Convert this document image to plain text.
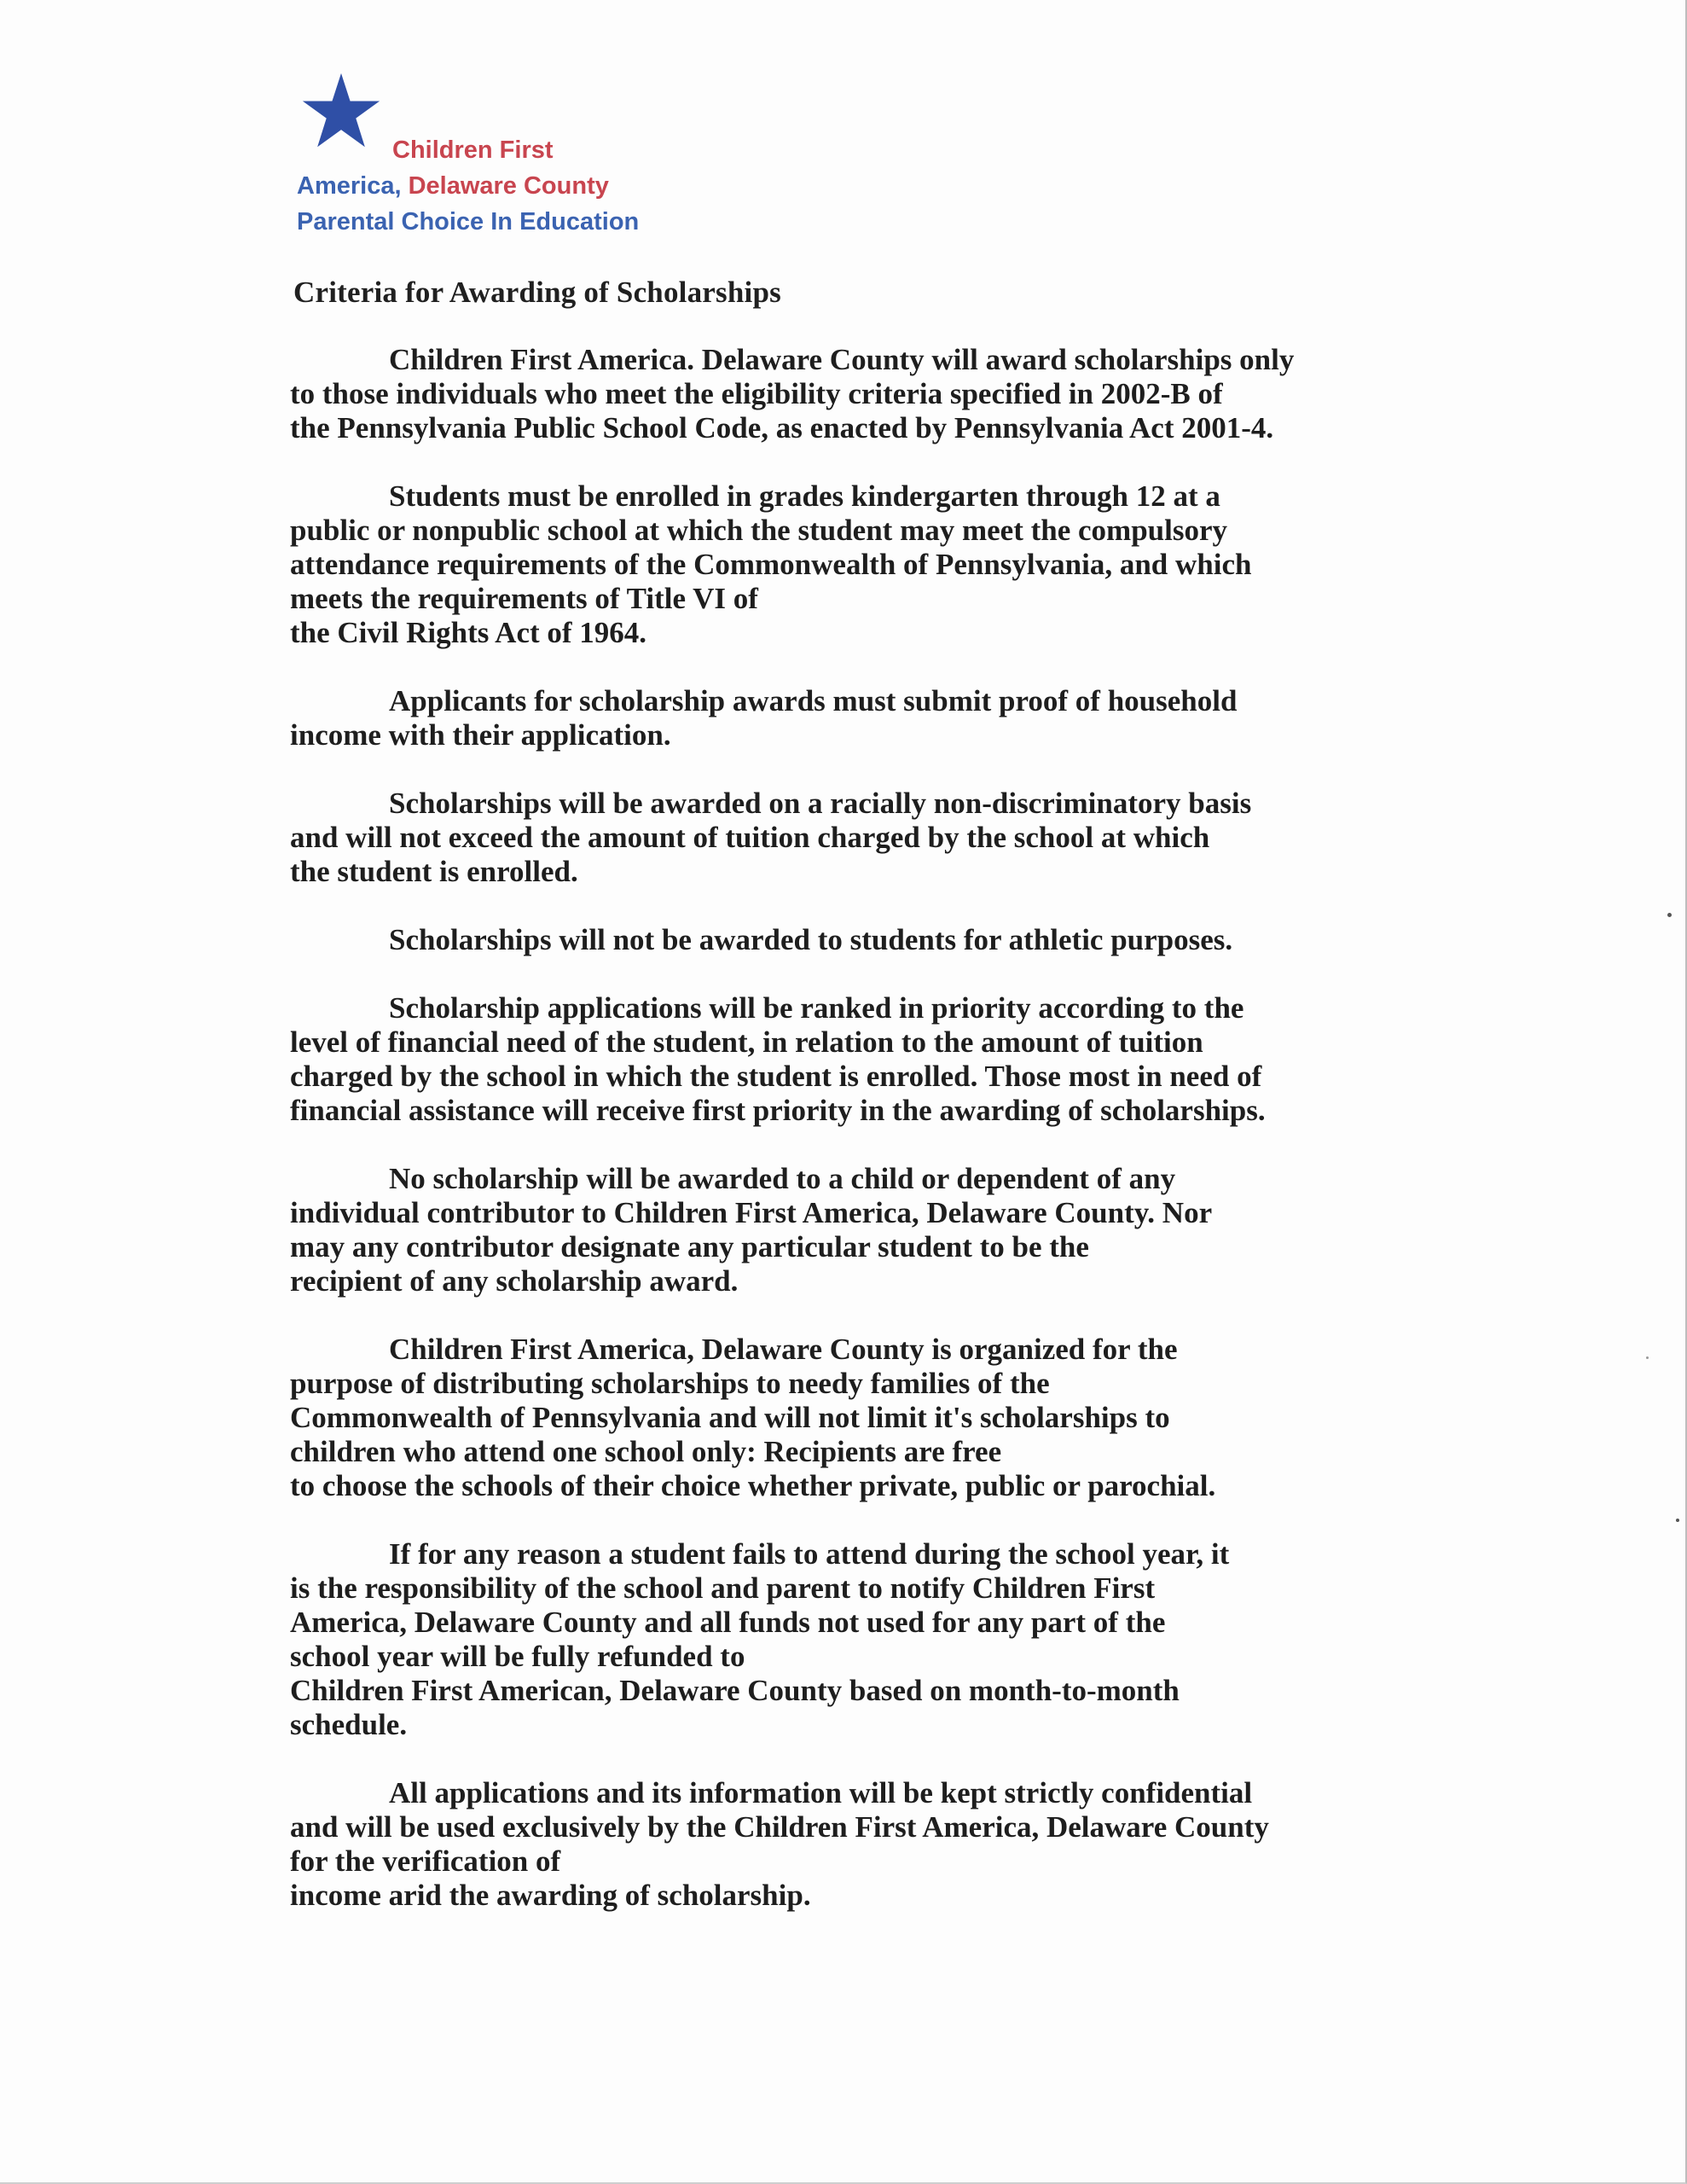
Children First
America, Delaware County
Parental Choice In Education
Criteria for Awarding of Scholarships
Children First America. Delaware County will award scholarships only
to those individuals who meet the eligibility criteria specified in 2002-B of
the Pennsylvania Public School Code, as enacted by Pennsylvania Act 2001-4.
Students must be enrolled in grades kindergarten through 12 at a
public or nonpublic school at which the student may meet the compulsory
attendance requirements of the Commonwealth of Pennsylvania, and which
meets the requirements of Title VI of
the Civil Rights Act of 1964.
Applicants for scholarship awards must submit proof of household
income with their application.
Scholarships will be awarded on a racially non-discriminatory basis
and will not exceed the amount of tuition charged by the school at which
the student is enrolled.
Scholarships will not be awarded to students for athletic purposes.
Scholarship applications will be ranked in priority according to the
level of financial need of the student, in relation to the amount of tuition
charged by the school in which the student is enrolled. Those most in need of
financial assistance will receive first priority in the awarding of scholarships.
No scholarship will be awarded to a child or dependent of any
individual contributor to Children First America, Delaware County. Nor
may any contributor designate any particular student to be the
recipient of any scholarship award.
Children First America, Delaware County is organized for the
purpose of distributing scholarships to needy families of the
Commonwealth of Pennsylvania and will not limit it's scholarships to
children who attend one school only: Recipients are free
to choose the schools of their choice whether private, public or parochial.
If for any reason a student fails to attend during the school year, it
is the responsibility of the school and parent to notify Children First
America, Delaware County and all funds not used for any part of the
school year will be fully refunded to
Children First American, Delaware County based on month-to-month
schedule.
All applications and its information will be kept strictly confidential
and will be used exclusively by the Children First America, Delaware County
for the verification of
income arid the awarding of scholarship.
